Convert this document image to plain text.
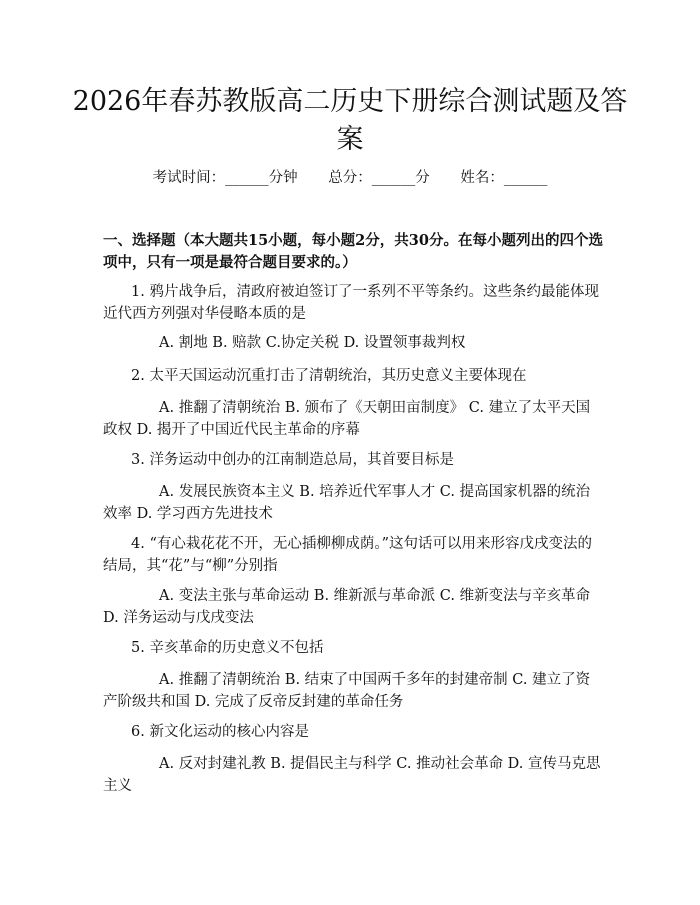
2026年春苏教版高二历史下册综合测试题及答案
考试时间：______分钟 总分：______分 姓名：______
一、选择题（本大题共15小题，每小题2分，共30分。在每小题列出的四个选项中，只有一项是最符合题目要求的。）
1. 鸦片战争后，清政府被迫签订了一系列不平等条约。这些条约最能体现近代西方列强对华侵略本质的是
A. 割地 B. 赔款 C.协定关税 D. 设置领事裁判权
2. 太平天国运动沉重打击了清朝统治，其历史意义主要体现在
A. 推翻了清朝统治 B. 颁布了《天朝田亩制度》 C. 建立了太平天国政权 D. 揭开了中国近代民主革命的序幕
3. 洋务运动中创办的江南制造总局，其首要目标是
A. 发展民族资本主义 B. 培养近代军事人才 C. 提高国家机器的统治效率 D. 学习西方先进技术
4. “有心栽花花不开，无心插柳柳成荫。”这句话可以用来形容戊戌变法的结局，其“花”与“柳”分别指
A. 变法主张与革命运动 B. 维新派与革命派 C. 维新变法与辛亥革命 D. 洋务运动与戊戌变法
5. 辛亥革命的历史意义不包括
A. 推翻了清朝统治 B. 结束了中国两千多年的封建帝制 C. 建立了资产阶级共和国 D. 完成了反帝反封建的革命任务
6. 新文化运动的核心内容是
A. 反对封建礼教 B. 提倡民主与科学 C. 推动社会革命 D. 宣传马克思主义
